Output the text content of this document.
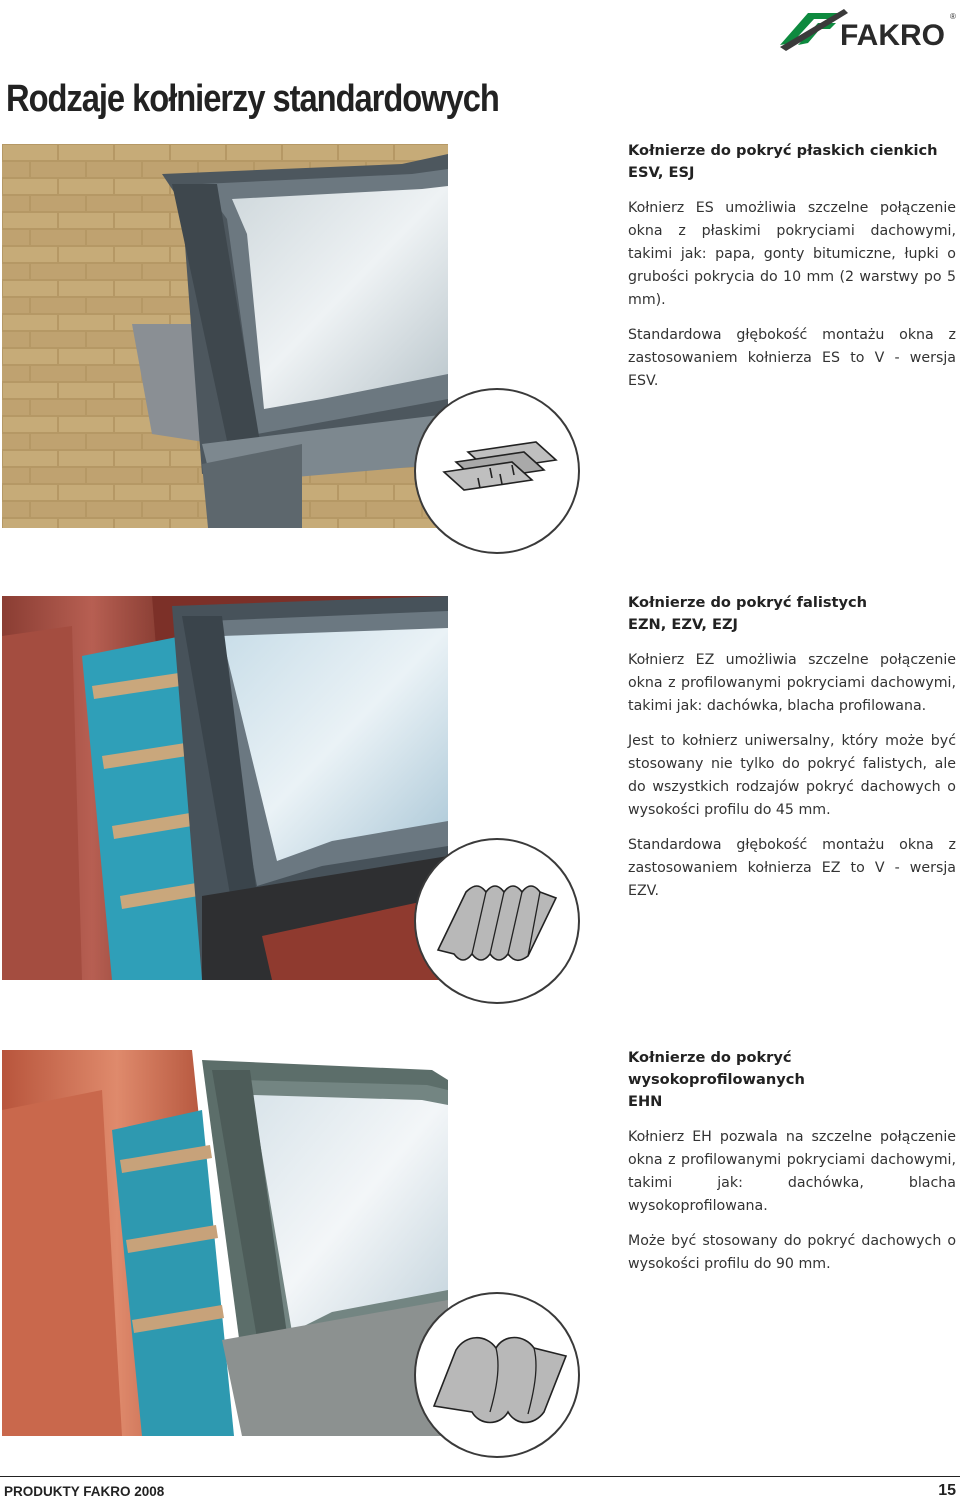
FAKRO
®
Rodzaje kołnierzy standardowych
Kołnierze do pokryć płaskich cienkich
ESV, ESJ

Kołnierz ES umożliwia szczelne połączenie okna z płaskimi pokryciami dachowymi, takimi jak: papa, gonty bitumiczne, łupki o grubości pokrycia do 10 mm (2 warstwy po 5 mm).

Standardowa głębokość montażu okna z zastosowaniem kołnierza ES to V - wersja ESV.

Kołnierze do pokryć falistych
EZN, EZV, EZJ

Kołnierz EZ umożliwia szczelne połączenie okna z profilowanymi pokryciami dachowymi, takimi jak: dachówka, blacha profilowana.

Jest to kołnierz uniwersalny, który może być stosowany nie tylko do pokryć falistych, ale do wszystkich rodzajów pokryć dachowych o wysokości profilu do 45 mm.

Standardowa głębokość montażu okna z zastosowaniem kołnierza EZ to V - wersja EZV.

Kołnierze do pokryć wysokoprofilowanych
EHN

Kołnierz EH pozwala na szczelne połączenie okna z profilowanymi pokryciami dachowymi, takimi jak: dachówka, blacha wysokoprofilowana.

Może być stosowany do pokryć dachowych o wysokości profilu do 90 mm.

PRODUKTY FAKRO 2008	15
